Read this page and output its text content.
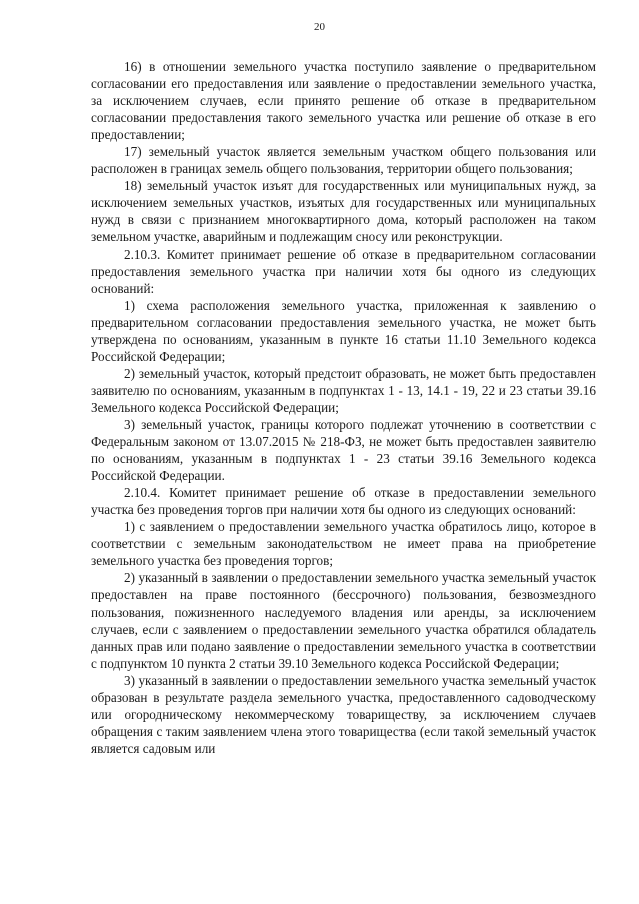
20

16) в отношении земельного участка поступило заявление о предварительном согласовании его предоставления или заявление о предоставлении земельного участка, за исключением случаев, если принято решение об отказе в предварительном согласовании предоставления такого земельного участка или решение об отказе в его предоставлении;

17) земельный участок является земельным участком общего пользования или расположен в границах земель общего пользования, территории общего пользования;

18) земельный участок изъят для государственных или муниципальных нужд, за исключением земельных участков, изъятых для государственных или муниципальных нужд в связи с признанием многоквартирного дома, который расположен на таком земельном участке, аварийным и подлежащим сносу или реконструкции.

2.10.3. Комитет принимает решение об отказе в предварительном согласовании предоставления земельного участка при наличии хотя бы одного из следующих оснований:

1) схема расположения земельного участка, приложенная к заявлению о предварительном согласовании предоставления земельного участка, не может быть утверждена по основаниям, указанным в пункте 16 статьи 11.10 Земельного кодекса Российской Федерации;

2) земельный участок, который предстоит образовать, не может быть предоставлен заявителю по основаниям, указанным в подпунктах 1 - 13, 14.1 - 19, 22 и 23 статьи 39.16 Земельного кодекса Российской Федерации;

3) земельный участок, границы которого подлежат уточнению в соответствии с Федеральным законом от 13.07.2015 № 218-ФЗ, не может быть предоставлен заявителю по основаниям, указанным в подпунктах 1 - 23 статьи 39.16 Земельного кодекса Российской Федерации.

2.10.4. Комитет принимает решение об отказе в предоставлении земельного участка без проведения торгов при наличии хотя бы одного из следующих оснований:

1) с заявлением о предоставлении земельного участка обратилось лицо, которое в соответствии с земельным законодательством не имеет права на приобретение земельного участка без проведения торгов;

2) указанный в заявлении о предоставлении земельного участка земельный участок предоставлен на праве постоянного (бессрочного) пользования, безвозмездного пользования, пожизненного наследуемого владения или аренды, за исключением случаев, если с заявлением о предоставлении земельного участка обратился обладатель данных прав или подано заявление о предоставлении земельного участка в соответствии с подпунктом 10 пункта 2 статьи 39.10 Земельного кодекса Российской Федерации;

3) указанный в заявлении о предоставлении земельного участка земельный участок образован в результате раздела земельного участка, предоставленного садоводческому или огородническому некоммерческому товариществу, за исключением случаев обращения с таким заявлением члена этого товарищества (если такой земельный участок является садовым или
